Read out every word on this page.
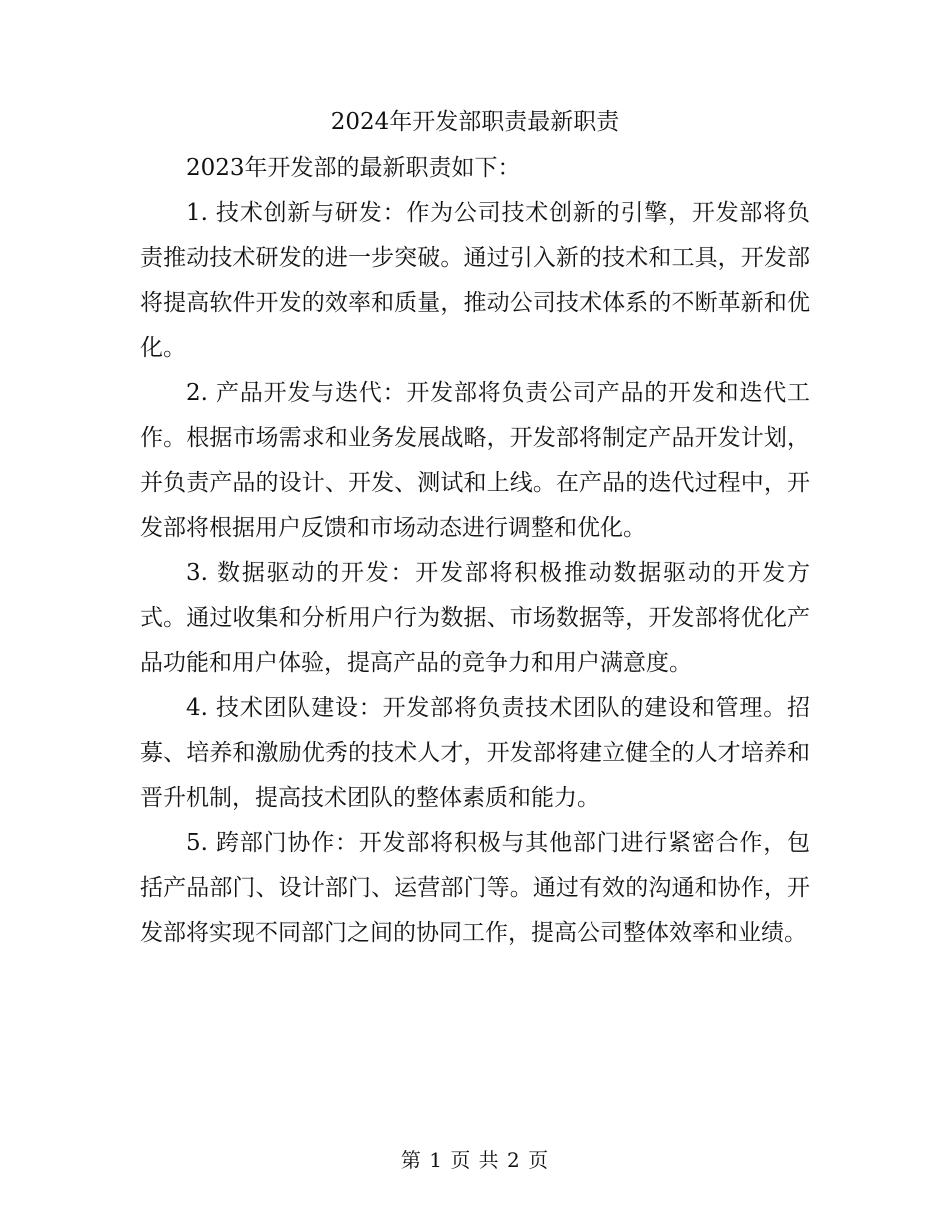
2024年开发部职责最新职责

2023年开发部的最新职责如下：

1. 技术创新与研发：作为公司技术创新的引擎，开发部将负责推动技术研发的进一步突破。通过引入新的技术和工具，开发部将提高软件开发的效率和质量，推动公司技术体系的不断革新和优化。

2. 产品开发与迭代：开发部将负责公司产品的开发和迭代工作。根据市场需求和业务发展战略，开发部将制定产品开发计划，并负责产品的设计、开发、测试和上线。在产品的迭代过程中，开发部将根据用户反馈和市场动态进行调整和优化。

3. 数据驱动的开发：开发部将积极推动数据驱动的开发方式。通过收集和分析用户行为数据、市场数据等，开发部将优化产品功能和用户体验，提高产品的竞争力和用户满意度。

4. 技术团队建设：开发部将负责技术团队的建设和管理。招募、培养和激励优秀的技术人才，开发部将建立健全的人才培养和晋升机制，提高技术团队的整体素质和能力。

5. 跨部门协作：开发部将积极与其他部门进行紧密合作，包括产品部门、设计部门、运营部门等。通过有效的沟通和协作，开发部将实现不同部门之间的协同工作，提高公司整体效率和业绩。

第 1 页 共 2 页
